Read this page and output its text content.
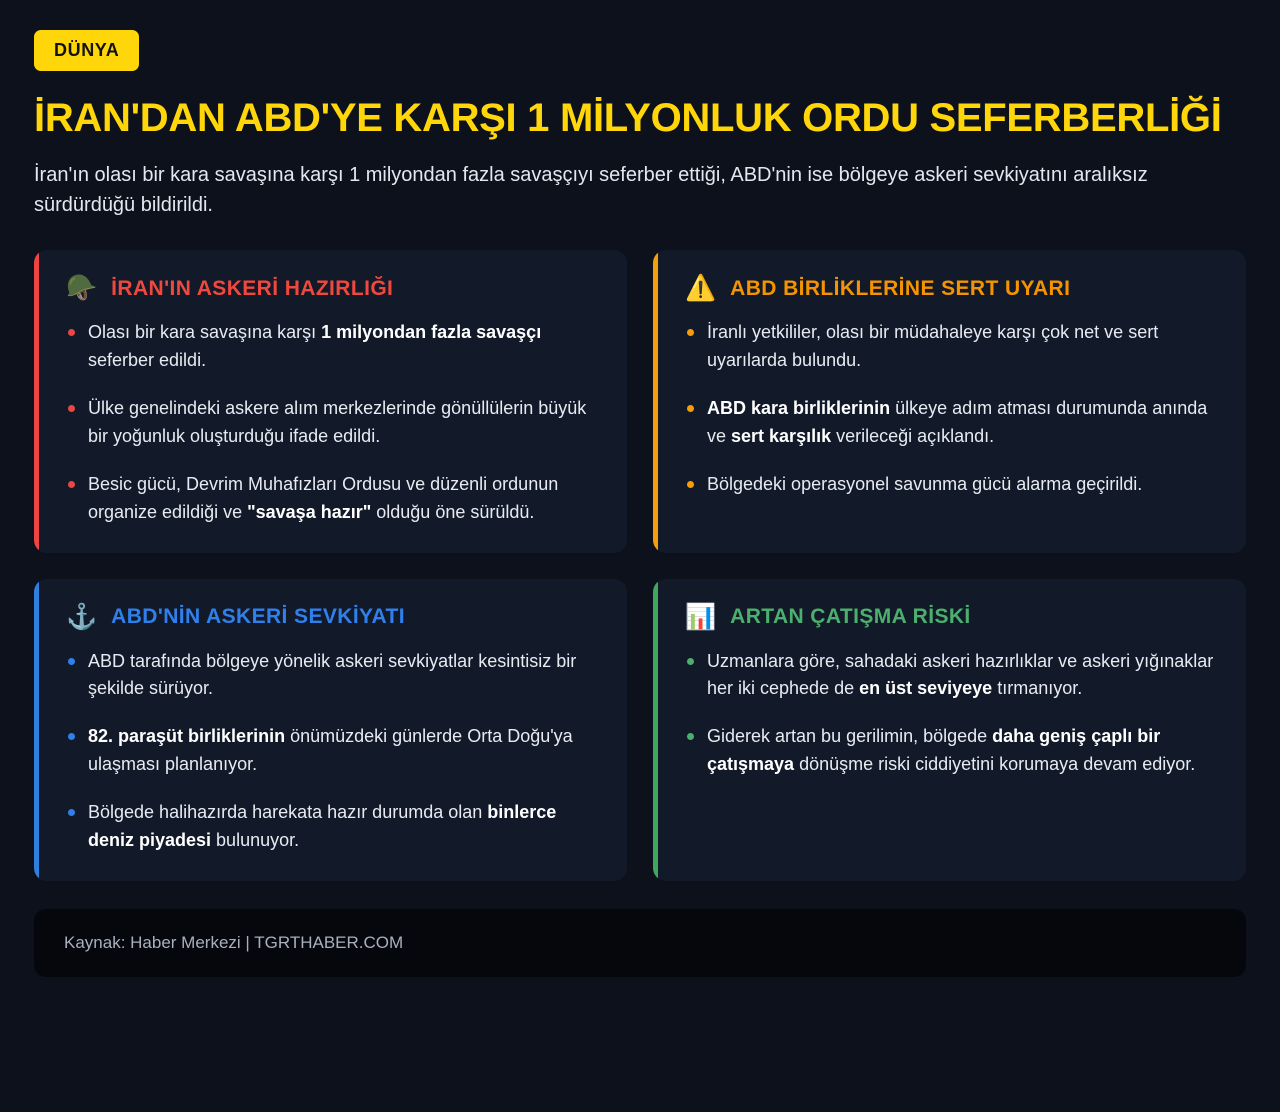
DÜNYA
İRAN'DAN ABD'YE KARŞI 1 MİLYONLUK ORDU SEFERBERLİĞİ

İran'ın olası bir kara savaşına karşı 1 milyondan fazla savaşçıyı seferber ettiği, ABD'nin ise bölgeye askeri sevkiyatını aralıksız sürdürdüğü bildirildi.

🪖 İRAN'IN ASKERİ HAZIRLIĞI
Olası bir kara savaşına karşı 1 milyondan fazla savaşçı seferber edildi.
Ülke genelindeki askere alım merkezlerinde gönüllülerin büyük bir yoğunluk oluşturduğu ifade edildi.
Besic gücü, Devrim Muhafızları Ordusu ve düzenli ordunun organize edildiği ve "savaşa hazır" olduğu öne sürüldü.
⚠️ ABD BİRLİKLERİNE SERT UYARI
İranlı yetkililer, olası bir müdahaleye karşı çok net ve sert uyarılarda bulundu.
ABD kara birliklerinin ülkeye adım atması durumunda anında ve sert karşılık verileceği açıklandı.
Bölgedeki operasyonel savunma gücü alarma geçirildi.
⚓ ABD'NİN ASKERİ SEVKİYATI
ABD tarafında bölgeye yönelik askeri sevkiyatlar kesintisiz bir şekilde sürüyor.
82. paraşüt birliklerinin önümüzdeki günlerde Orta Doğu'ya ulaşması planlanıyor.
Bölgede halihazırda harekata hazır durumda olan binlerce deniz piyadesi bulunuyor.
📊 ARTAN ÇATIŞMA RİSKİ
Uzmanlara göre, sahadaki askeri hazırlıklar ve askeri yığınaklar her iki cephede de en üst seviyeye tırmanıyor.
Giderek artan bu gerilimin, bölgede daha geniş çaplı bir çatışmaya dönüşme riski ciddiyetini korumaya devam ediyor.
Kaynak: Haber Merkezi | TGRTHABER.COM
